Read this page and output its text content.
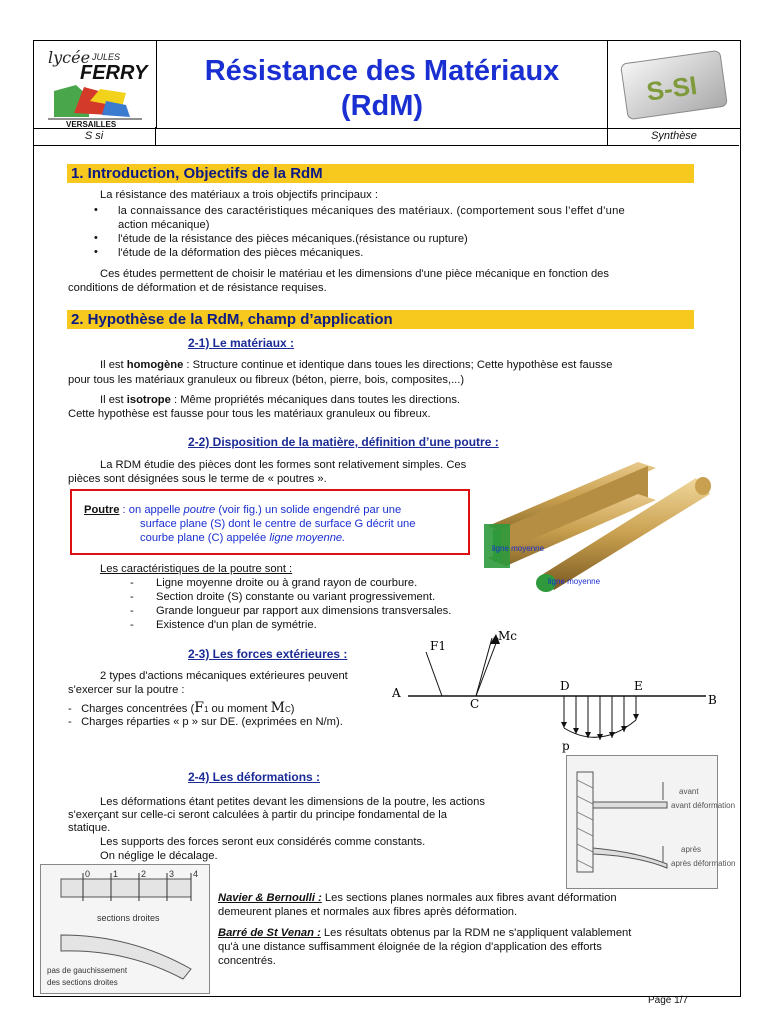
lycée JULES
FERRY
VERSAILLES
Résistance des Matériaux
(RdM)	S-SI
S si	Synthèse
1. Introduction, Objectifs de la RdM
La résistance des matériaux a trois objectifs principaux :
• la connaissance des caractéristiques mécaniques des matériaux. (comportement sous l’effet d’une
action mécanique)
• l'étude de la résistance des pièces mécaniques.(résistance ou rupture)
• l'étude de la déformation des pièces mécaniques.
Ces études permettent de choisir le matériau et les dimensions d'une pièce mécanique en fonction des
conditions de déformation et de résistance requises.
2. Hypothèse de la RdM, champ d’application
2-1) Le matériaux :
Il est homogène : Structure continue et identique dans toues les directions; Cette hypothèse est fausse
pour tous les matériaux granuleux ou fibreux (béton, pierre, bois, composites,...)
Il est isotrope : Même propriétés mécaniques dans toutes les directions.
Cette hypothèse est fausse pour tous les matériaux granuleux ou fibreux.
2-2) Disposition de la matière, définition d’une poutre :
La RDM étudie des pièces dont les formes sont relativement simples. Ces
pièces sont désignées sous le terme de « poutres ».
Poutre : on appelle poutre (voir fig.) un solide engendré par une
surface plane (S) dont le centre de surface G décrit une
courbe plane (C) appelée ligne moyenne.
ligne moyenne
ligne moyenne
Les caractéristiques de la poutre sont :
- Ligne moyenne droite ou à grand rayon de courbure.
- Section droite (S) constante ou variant progressivement.
- Grande longueur par rapport aux dimensions transversales.
- Existence d'un plan de symétrie.
2-3) Les forces extérieures :
2 types d'actions mécaniques extérieures peuvent
s'exercer sur la poutre :
-   Charges concentrées (F1 ou moment MC)
-   Charges réparties « p » sur DE. (exprimées en N/m).
A	B
C
D	E
p
F1
Mc
2-4) Les déformations :
Les déformations étant petites devant les dimensions de la poutre, les actions
s'exerçant sur celle-ci seront calculées à partir du principe fondamental de la
statique.
Les supports des forces seront eux considérés comme constants.
On néglige le décalage.
avant
avant déformation
après
après déformation
0	1	2	3 4
sections droites
pas de gauchissement
des sections droites
Navier & Bernoulli : Les sections planes normales aux fibres avant déformation
demeurent planes et normales aux fibres après déformation.
Barré de St Venan : Les résultats obtenus par la RDM ne s'appliquent valablement
qu'à une distance suffisamment éloignée de la région d'application des efforts
concentrés.
Page 1/7
